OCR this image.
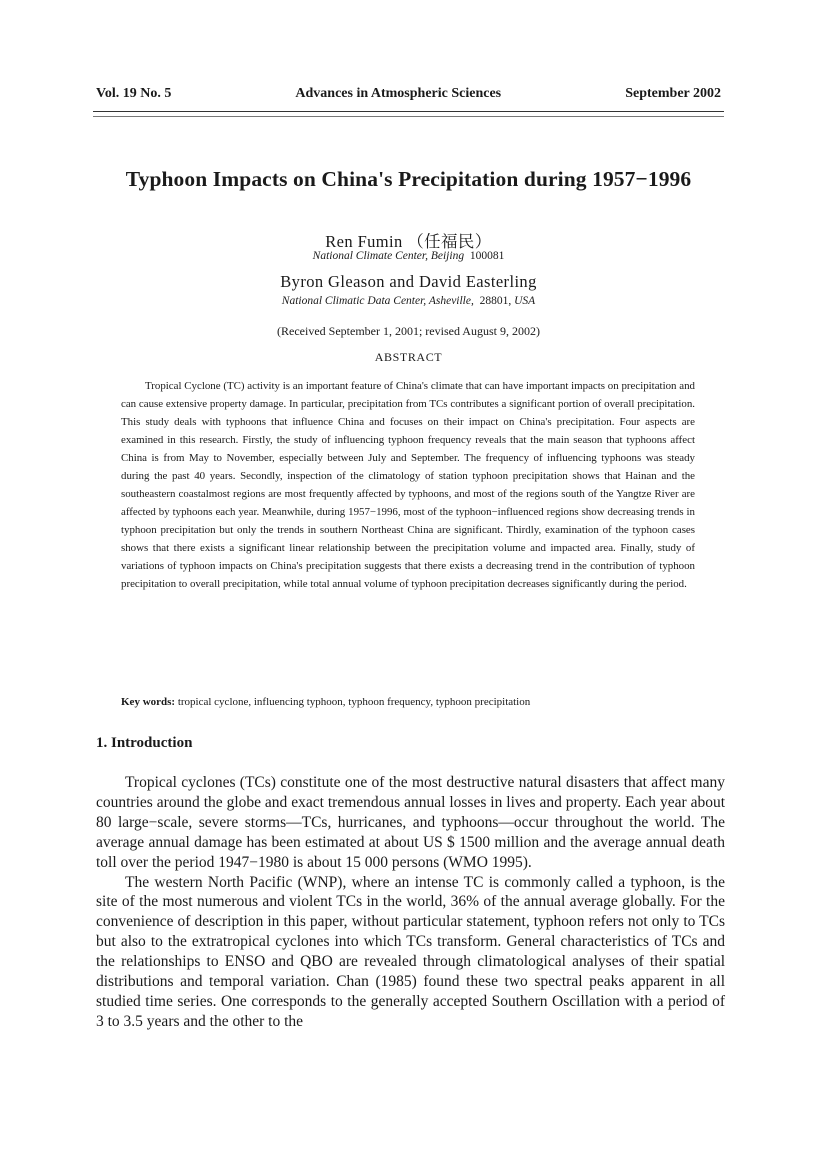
Vol. 19 No. 5	Advances in Atmospheric Sciences	September 2002
Typhoon Impacts on China's Precipitation during 1957−1996
Ren Fumin （任福民）
National Climate Center, Beijing 100081
Byron Gleason and David Easterling
National Climatic Data Center, Asheville, 28801, USA
(Received September 1, 2001; revised August 9, 2002)
ABSTRACT

Tropical Cyclone (TC) activity is an important feature of China's climate that can have important impacts on precipitation and can cause extensive property damage. In particular, precipitation from TCs contributes a significant portion of overall precipitation. This study deals with typhoons that influence China and focuses on their impact on China's precipitation. Four aspects are examined in this research. Firstly, the study of influencing typhoon frequency reveals that the main season that typhoons affect China is from May to November, especially between July and September. The frequency of influencing typhoons was steady during the past 40 years. Secondly, inspection of the climatology of station typhoon precipitation shows that Hainan and the southeastern coastalmost regions are most frequently affected by typhoons, and most of the regions south of the Yangtze River are affected by typhoons each year. Meanwhile, during 1957−1996, most of the typhoon−influenced regions show decreasing trends in typhoon precipitation but only the trends in southern Northeast China are significant. Thirdly, examination of the typhoon cases shows that there exists a significant linear relationship between the precipitation volume and impacted area. Finally, study of variations of typhoon impacts on China's precipitation suggests that there exists a decreasing trend in the contribution of typhoon precipitation to overall precipitation, while total annual volume of typhoon precipitation decreases significantly during the period.

Key words: tropical cyclone, influencing typhoon, typhoon frequency, typhoon precipitation

1. Introduction

Tropical cyclones (TCs) constitute one of the most destructive natural disasters that affect many countries around the globe and exact tremendous annual losses in lives and property. Each year about 80 large−scale, severe storms—TCs, hurricanes, and typhoons—occur throughout the world. The average annual damage has been estimated at about US $ 1500 million and the average annual death toll over the period 1947−1980 is about 15 000 persons (WMO 1995).

The western North Pacific (WNP), where an intense TC is commonly called a typhoon, is the site of the most numerous and violent TCs in the world, 36% of the annual average globally. For the convenience of description in this paper, without particular statement, typhoon refers not only to TCs but also to the extratropical cyclones into which TCs transform. General characteristics of TCs and the relationships to ENSO and QBO are revealed through climatological analyses of their spatial distributions and temporal variation. Chan (1985) found these two spectral peaks apparent in all studied time series. One corresponds to the generally accepted Southern Oscillation with a period of 3 to 3.5 years and the other to the
